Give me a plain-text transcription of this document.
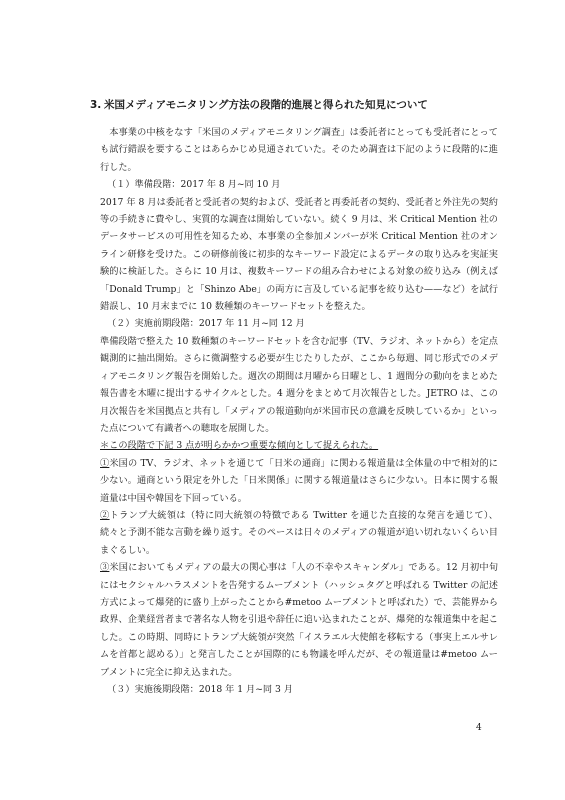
3. 米国メディアモニタリング方法の段階的進展と得られた知見について

本事業の中核をなす「米国のメディアモニタリング調査」は委託者にとっても受託者にとっても試行錯誤を要することはあらかじめ見通されていた。そのため調査は下記のように段階的に進行した。

（１）準備段階：2017 年 8 月~同 10 月

2017 年 8 月は委託者と受託者の契約および、受託者と再委託者の契約、受託者と外注先の契約等の手続きに費やし、実質的な調査は開始していない。続く 9 月は、米 Critical Mention 社のデータサービスの可用性を知るため、本事業の全参加メンバーが米 Critical Mention 社のオンライン研修を受けた。この研修前後に初歩的なキーワード設定によるデータの取り込みを実証実験的に検証した。さらに 10 月は、複数キーワードの組み合わせによる対象の絞り込み（例えば「Donald Trump」と「Shinzo Abe」の両方に言及している記事を絞り込む——など）を試行錯誤し、10 月末までに 10 数種類のキーワードセットを整えた。

（２）実施前期段階：2017 年 11 月~同 12 月

準備段階で整えた 10 数種類のキーワードセットを含む記事（TV、ラジオ、ネットから）を定点観測的に抽出開始。さらに微調整する必要が生じたりしたが、ここから毎週、同じ形式でのメディアモニタリング報告を開始した。週次の期間は月曜から日曜とし、1 週間分の動向をまとめた報告書を木曜に提出するサイクルとした。4 週分をまとめて月次報告とした。JETRO は、この月次報告を米国拠点と共有し「メディアの報道動向が米国市民の意識を反映しているか」といった点について有識者への聴取を展開した。

＊この段階で下記 3 点が明らかかつ重要な傾向として捉えられた。

①米国の TV、ラジオ、ネットを通じて「日米の通商」に関わる報道量は全体量の中で相対的に少ない。通商という限定を外した「日米関係」に関する報道量はさらに少ない。日本に関する報道量は中国や韓国を下回っている。

②トランプ大統領は（特に同大統領の特徴である Twitter を通じた直接的な発言を通じて）、続々と予測不能な言動を繰り返す。そのペースは日々のメディアの報道が追い切れないくらい目まぐるしい。

③米国においてもメディアの最大の関心事は「人の不幸やスキャンダル」である。12 月初中旬にはセクシャルハラスメントを告発するムーブメント（ハッシュタグと呼ばれる Twitter の記述方式によって爆発的に盛り上がったことから#metoo ムーブメントと呼ばれた）で、芸能界から政界、企業経営者まで著名な人物を引退や辞任に追い込まれたことが、爆発的な報道集中を起こした。この時期、同時にトランプ大統領が突然「イスラエル大使館を移転する（事実上エルサレムを首都と認める）」と発言したことが国際的にも物議を呼んだが、その報道量は#metoo ムーブメントに完全に抑え込まれた。

（３）実施後期段階：2018 年 1 月~同 3 月

4
